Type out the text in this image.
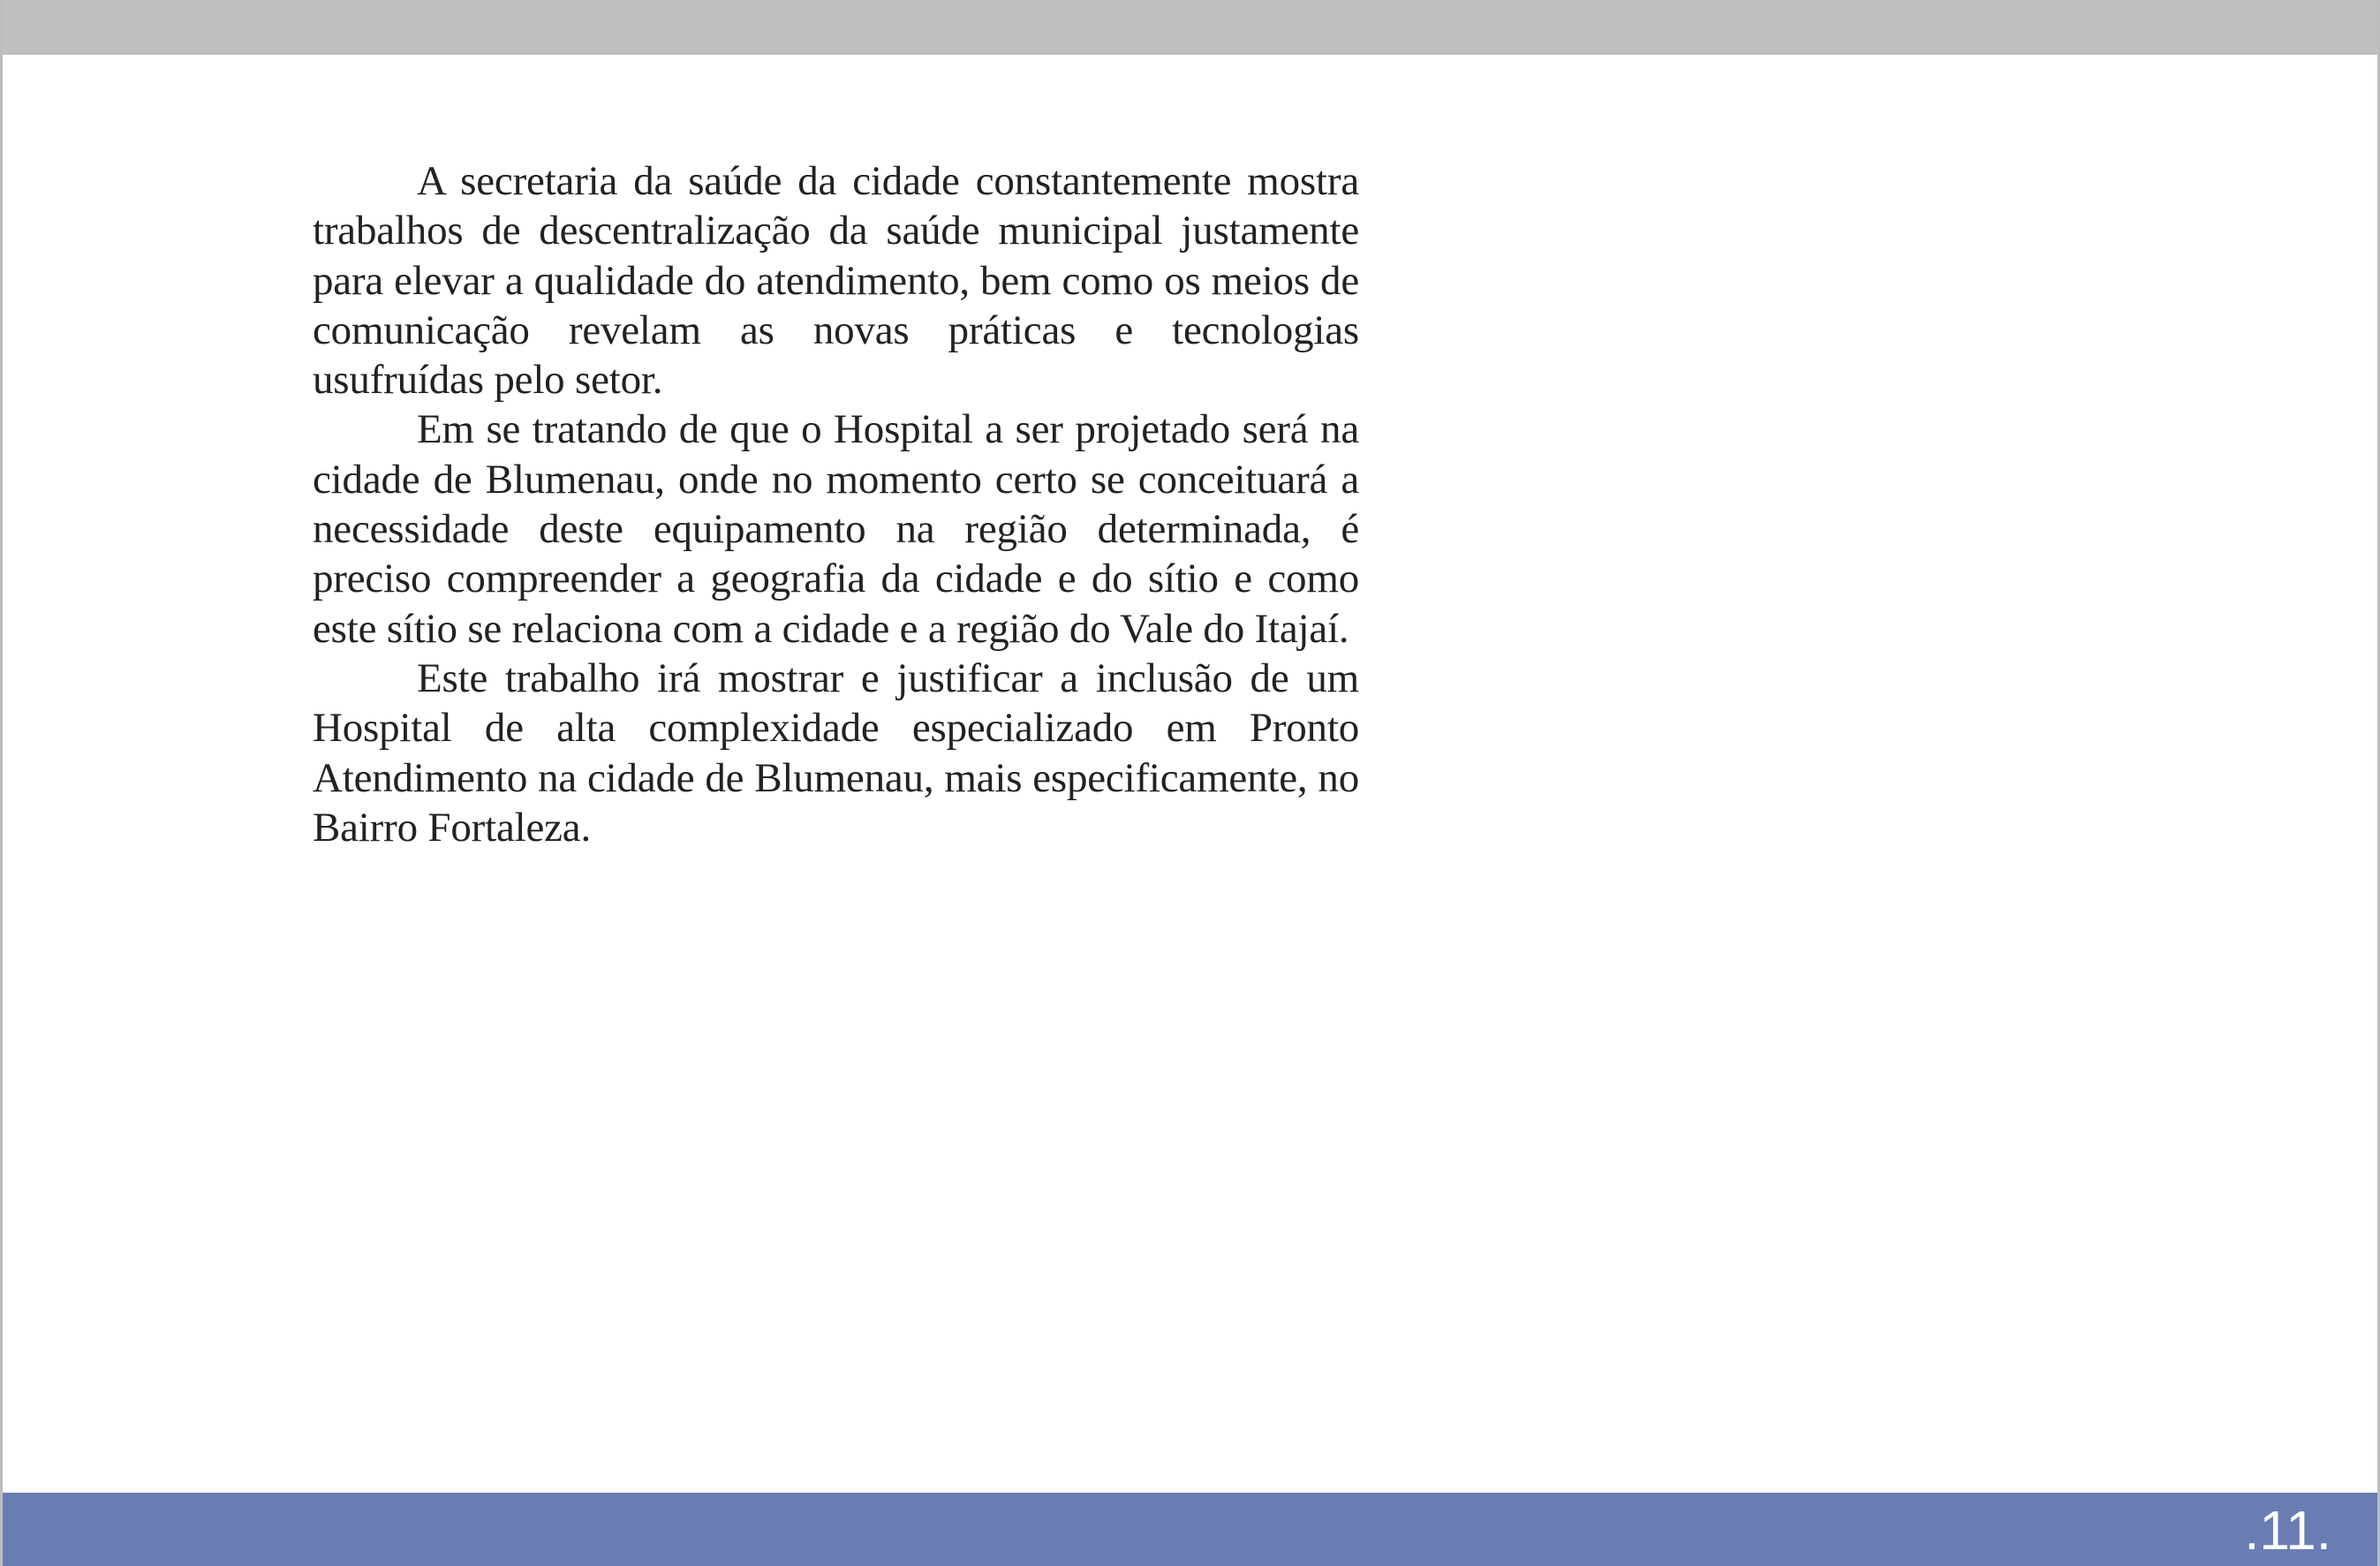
A secretaria da saúde da cidade constantemente mostra trabalhos de descentralização da saúde municipal justamente para elevar a qualidade do atendimento, bem como os meios de comunicação revelam as novas práticas e tecnologias usufruídas pelo setor.

Em se tratando de que o Hospital a ser projetado será na cidade de Blumenau, onde no momento certo se conceituará a necessidade deste equipamento na região determinada, é preciso compreender a geografia da cidade e do sítio e como este sítio se relaciona com a cidade e a região do Vale do Itajaí.

Este trabalho irá mostrar e justificar a inclusão de um Hospital de alta complexidade especializado em Pronto Atendimento na cidade de Blumenau, mais especificamente, no Bairro Fortaleza.

.11.
